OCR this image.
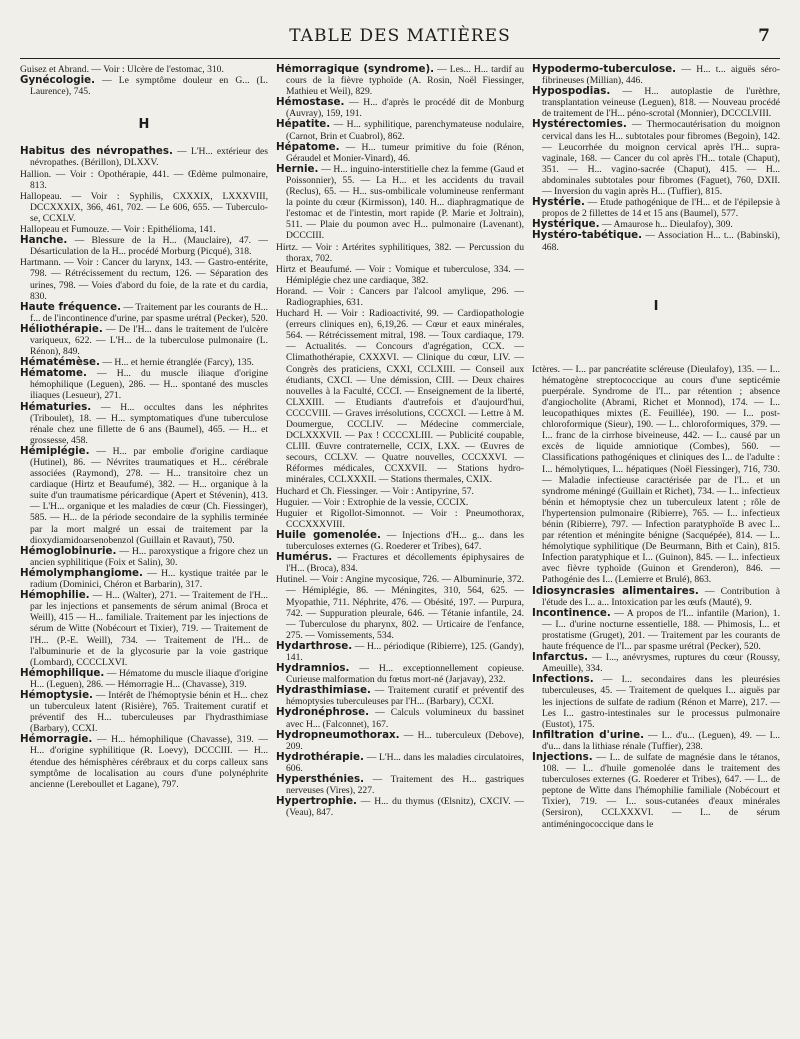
TABLE DES MATIÈRES	7

Guisez et Abrand. — Voir : Ulcère de l'estomac, 310.

Gynécologie. — Le symptôme douleur en G... (L. Laurence), 745.

H

Habitus des névropathes. — L'H... extérieur des névropathes. (Bérillon), DLXXV.

Hallion. — Voir : Opothérapie, 441. — Œdème pulmonaire, 813.

Hallopeau. — Voir : Syphilis, CXXXIX, LXXXVIII, DCCXXXIX, 366, 461, 702. — Le 606, 655. — Tuberculo-se, CCXLV.

Hallopeau et Fumouze. — Voir : Epithélioma, 141.

Hanche. — Blessure de la H... (Mauclaire), 47. — Désarticulation de la H... procédé Morburg (Picqué), 318.

Hartmann. — Voir : Cancer du larynx, 143. — Gastro-entérite, 798. — Rétrécissement du rectum, 126. — Séparation des urines, 798. — Voies d'abord du foie, de la rate et du cardia, 830.

Haute fréquence. — Traitement par les courants de H... f... de l'incontinence d'urine, par spasme urétral (Pecker), 520.

Héliothérapie. — De l'H... dans le traitement de l'ulcère variqueux, 622. — L'H... de la tuberculose pulmonaire (L. Rénon), 849.

Hématémèse. — H... et hernie étranglée (Farcy), 135.

Hématome. — H... du muscle iliaque d'origine hémophilique (Leguen), 286. — H... spontané des muscles iliaques (Lesueur), 271.

Hématuries. — H... occultes dans les néphrites (Triboulet), 18. — H... symptomatiques d'une tuberculose rénale chez une fillette de 6 ans (Baumel), 465. — H... et grossesse, 458.

Hémiplégie. — H... par embolie d'origine cardiaque (Hutinel), 86. — Névrites traumatiques et H... cérébrale associées (Raymond), 278. — H... transitoire chez un cardiaque (Hirtz et Beaufumé), 382. — H... organique à la suite d'un traumatisme péricardique (Apert et Stévenin), 413. — L'H... organique et les maladies de cœur (Ch. Fiessinger), 585. — H... de la période secondaire de la syphilis terminée par la mort malgré un essai de traitement par la dioxydiamidoarsenobenzol (Guillain et Ravaut), 750.

Hémoglobinurie. — H... paroxystique a frigore chez un ancien syphilitique (Foix et Salin), 30.

Hémolymphangiome. — H... kystique traitée par le radium (Dominici, Chéron et Barbarin), 317.

Hémophilie. — H... (Walter), 271. — Traitement de l'H... par les injections et pansements de sérum animal (Broca et Weill), 415 — H... familiale. Traitement par les injections de sérum de Witte (Nobécourt et Tixier), 719. — Traitement de l'H... (P.-E. Weill), 734. — Traitement de l'H... de l'albuminurie et de la glycosurie par la voie gastrique (Lombard), CCCCLXVI.

Hémophilique. — Hématome du muscle iliaque d'origine H... (Leguen), 286. — Hémorragie H... (Chavasse), 319.

Hémoptysie. — Intérêt de l'hémoptysie bénin et H... chez un tuberculeux latent (Risière), 765. Traitement curatif et préventif des H... tuberculeuses par l'hydrasthimiase (Barbary), CCXI.

Hémorragie. — H... hémophilique (Chavasse), 319. — H... d'origine syphilitique (R. Loevy), DCCCIII. — H... étendue des hémisphères cérébraux et du corps calleux sans symptôme de localisation au cours d'une polynéphrite ancienne (Lereboullet et Lagane), 797.

Hémorragique (syndrome). — Les... H... tardif au cours de la fièvre typhoïde (A. Rosin, Noël Fiessinger, Mathieu et Weil), 829.

Hémostase. — H... d'après le procédé dit de Monburg (Auvray), 159, 191.

Hépatite. — H... syphilitique, parenchymateuse nodulaire, (Carnot, Brin et Cuabrol), 862.

Hépatome. — H... tumeur primitive du foie (Rénon, Géraudel et Monier-Vinard), 46.

Hernie. — H... inguino-interstitielle chez la femme (Gaud et Poissonnier), 55. — La H... et les accidents du travail (Reclus), 65. — H... sus-ombilicale volumineuse renfermant la pointe du cœur (Kirmisson), 140. H... diaphragmatique de l'estomac et de l'intestin, mort rapide (P. Marie et Joltrain), 511. — Plaie du poumon avec H... pulmonaire (Lavenant), DCCCIII.

Hirtz. — Voir : Artérites syphilitiques, 382. — Percussion du thorax, 702.

Hirtz et Beaufumé. — Voir : Vomique et tuberculose, 334. — Hémiplégie chez une cardiaque, 382.

Horand. — Voir : Cancers par l'alcool amylique, 296. — Radiographies, 631.

Huchard H. — Voir : Radioactivité, 99. — Cardiopathologie (erreurs cliniques en), 6,19,26. — Cœur et eaux minérales, 564. — Rétrécissement mitral, 198. — Toux cardiaque, 179. — Actualités. — Concours d'agrégation, CCX. — Climathothérapie, CXXXVI. — Clinique du cœur, LIV. — Congrès des praticiens, CXXI, CCLXIII. — Conseil aux étudiants, CXCI. — Une démission, CIII. — Deux chaires nouvelles à la Faculté, CCCI. — Enseignement de la liberté, CLXXIII. — Etudiants d'autrefois et d'aujourd'hui, CCCCVIII. — Graves irrésolutions, CCCXCI. — Lettre à M. Doumergue, CCCLIV. — Médecine commerciale, DCLXXXVII. — Pax ! CCCCXLIII. — Publicité coupable, CLIII. Œuvre contraternelle, CCIX, LXX. — Œuvres de secours, CCLXV. — Quatre nouvelles, CCCXXVI. — Réformes médicales, CCXXVII. — Stations hydro-minérales, CCLXXXII. — Stations thermales, CXIX.

Huchard et Ch. Fiessinger. — Voir : Antipyrine, 57.

Huguier. — Voir : Extrophie de la vessie, CCCIX.

Huguier et Rigollot-Simonnot. — Voir : Pneumothorax, CCCXXXVIII.

Huile gomenolée. — Injections d'H... g... dans les tuberculoses externes (G. Roederer et Tribes), 647.

Humérus. — Fractures et décollements épiphysaires de l'H... (Broca), 834.

Hutinel. — Voir : Angine mycosique, 726. — Albuminurie, 372. — Hémiplégie, 86. — Méningites, 310, 564, 625. — Myopathie, 711. Néphrite, 476. — Obésité, 197. — Purpura, 742. — Suppuration pleurale, 646. — Tétanie infantile, 24. — Tuberculose du pharynx, 802. — Urticaire de l'enfance, 275. — Vomissements, 534.

Hydarthrose. — H... périodique (Ribierre), 125. (Gandy), 141.

Hydramnios. — H... exceptionnellement copieuse. Curieuse malformation du fœtus mort-né (Jarjavay), 232.

Hydrasthimiase. — Traitement curatif et préventif des hémoptysies tuberculeuses par l'H... (Barbary), CCXI.

Hydronéphrose. — Calculs volumineux du bassinet avec H... (Falconnet), 167.

Hydropneumothorax. — H... tuberculeux (Debove), 209.

Hydrothérapie. — L'H... dans les maladies circulatoires, 606.

Hypersthénies. — Traitement des H... gastriques nerveuses (Vires), 227.

Hypertrophie. — H... du thymus (Œlsnitz), CXCIV. — (Veau), 847.

Hypodermo-tuberculose. — H... t... aiguës séro-fibrineuses (Millian), 446.

Hypospodias. — H... autoplastie de l'urèthre, transplantation veineuse (Leguen), 818. — Nouveau procédé de traitement de l'H... péno-scrotal (Monnier), DCCCLVIII.

Hystérectomies. — Thermocautérisation du moignon cervical dans les H... subtotales pour fibromes (Begoin), 142. — Leucorrhée du moignon cervical après l'H... supra-vaginale, 168. — Cancer du col après l'H... totale (Chaput), 351. — H... vagino-sacrée (Chaput), 415. — H... abdominales subtotales pour fibromes (Faguet), 760, DXII. — Inversion du vagin après H... (Tuffier), 815.

Hystérie. — Etude pathogénique de l'H... et de l'épilepsie à propos de 2 fillettes de 14 et 15 ans (Baumel), 577.

Hystérique. — Amaurose h... Dieulafoy), 309.

Hystéro-tabétique. — Association H... t... (Babinski), 468.

I

Ictères. — I... par pancréatite scléreuse (Dieulafoy), 135. — I... hématogène streptococcique au cours d'une septicémie puerpérale. Syndrome de l'I... par rétention ; absence d'angiocholite (Abrami, Richet et Monnod), 174. — I... leucopathiques mixtes (E. Feuillée), 190. — I... post-chloroformique (Sieur), 190. — I... chloroformiques, 379. — I... franc de la cirrhose biveineuse, 442. — I... causé par un excès de liquide amniotique (Combes), 560. — Classifications pathogéniques et cliniques des I... de l'adulte : I... hémolytiques, I... hépatiques (Noël Fiessinger), 716, 730. — Maladie infectieuse caractérisée par de l'I... et un syndrome méningé (Guillain et Richet), 734. — I... infectieux bénin et hémoptysie chez un tuberculeux latent ; rôle de l'hypertension pulmonaire (Ribierre), 765. — I... infectieux bénin (Ribierre), 797. — Infection paratyphoïde B avec I... par rétention et méningite bénigne (Sacquépée), 814. — I... hémolytique syphilitique (De Beurmann, Bith et Cain), 815. Infection paratyphique et I... (Guinon), 845. — I... infectieux avec fièvre typhoïde (Guinon et Grenderon), 846. — Pathogénie des I... (Lemierre et Brulé), 863.

Idiosyncrasies alimentaires. — Contribution à l'étude des I... a... Intoxication par les œufs (Mauté), 9.

Incontinence. — A propos de l'I... infantile (Marion), 1. — I... d'urine nocturne essentielle, 188. — Phimosis, I... et prostatisme (Gruget), 201. — Traitement par les courants de haute fréquence de l'I... par spasme urétral (Pecker), 520.

Infarctus. — I..., anévrysmes, ruptures du cœur (Roussy, Ameuille), 334.

Infections. — I... secondaires dans les pleurésies tuberculeuses, 45. — Traitement de quelques I... aiguës par les injections de sulfate de radium (Rénon et Marre), 217. — Les I... gastro-intestinales sur le processus pulmonaire (Eustot), 175.

Infiltration d'urine. — I... d'u... (Leguen), 49. — I... d'u... dans la lithiase rénale (Tuffier), 238.

Injections. — I... de sulfate de magnésie dans le tétanos, 108. — I... d'huile gomenolée dans le traitement des tuberculoses externes (G. Roederer et Tribes), 647. — I... de peptone de Witte dans l'hémophilie familiale (Nobécourt et Tixier), 719. — I... sous-cutanées d'eaux minérales (Sersiron), CCLXXXVI. — I... de sérum antiméningococcique dans le
